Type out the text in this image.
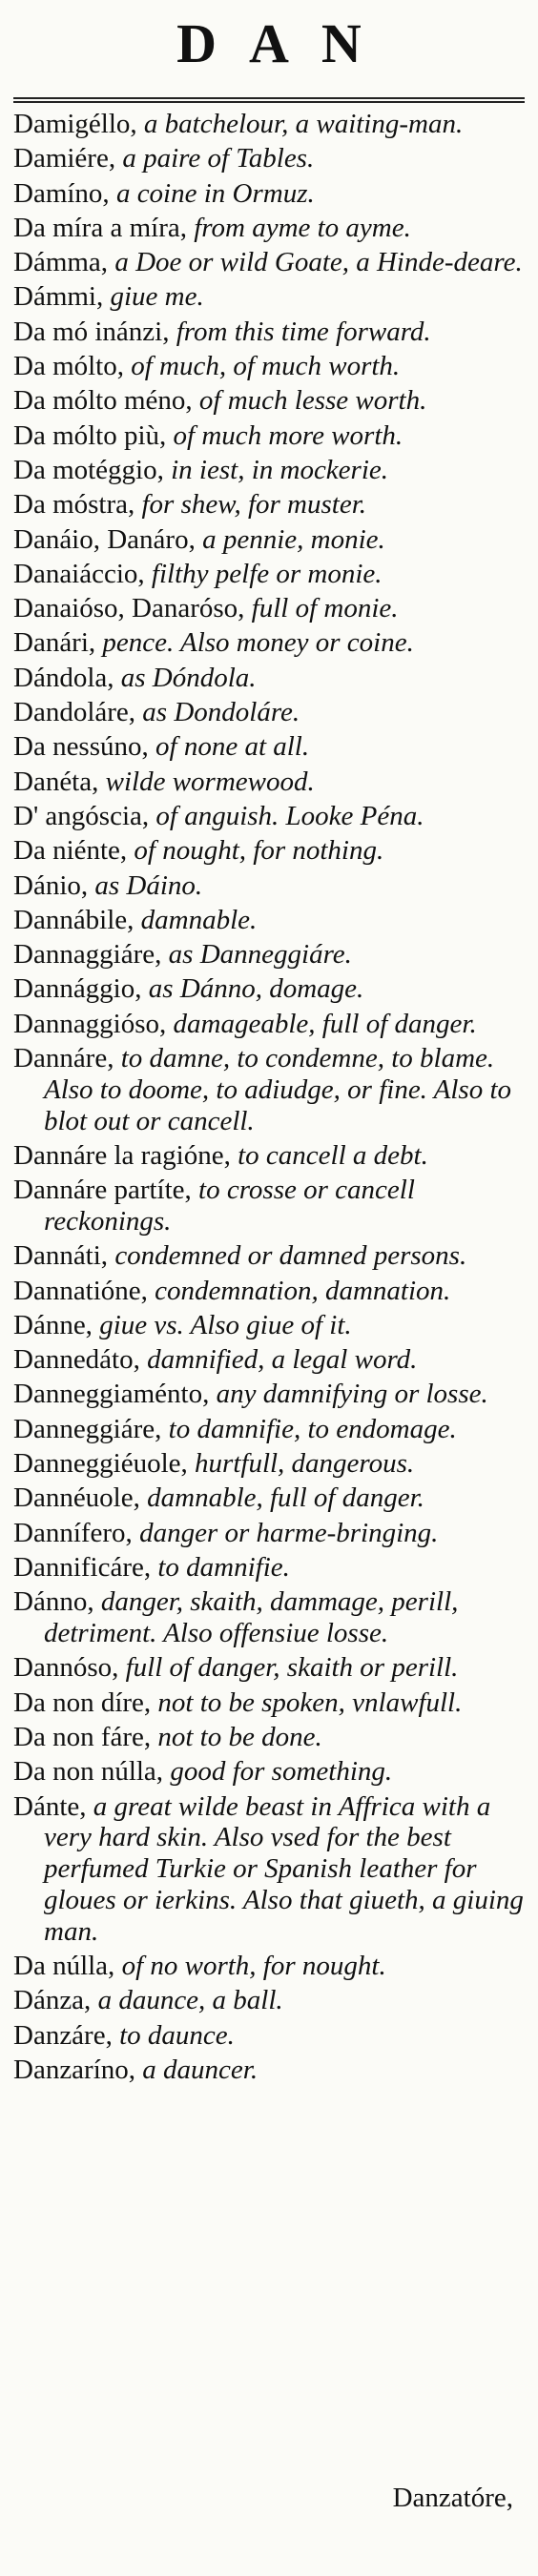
DAN
Damigéllo, a batchelour, a waiting-man.
Damiére, a paire of Tables.
Damíno, a coine in Ormuz.
Da míra a míra, from ayme to ayme.
Dámma, a Doe or wild Goate, a Hinde-deare.
Dámmi, giue me.
Da mó inánzi, from this time forward.
Da mólto, of much, of much worth.
Da mólto méno, of much lesse worth.
Da mólto più, of much more worth.
Da motéggio, in iest, in mockerie.
Da móstra, for shew, for muster.
Danáio, Danáro, a pennie, monie.
Danaiáccio, filthy pelfe or monie.
Danaióso, Danaróso, full of monie.
Danári, pence. Also money or coine.
Dándola, as Dóndola.
Dandoláre, as Dondoláre.
Da nessúno, of none at all.
Danéta, wilde wormewood.
D' angóscia, of anguish. Looke Péna.
Da niénte, of nought, for nothing.
Dánio, as Dáino.
Dannábile, damnable.
Dannaggiáre, as Danneggiáre.
Dannággio, as Dánno, domage.
Dannaggióso, damageable, full of danger.
Dannáre, to damne, to condemne, to blame. Also to doome, to adiudge, or fine. Also to blot out or cancell.
Dannáre la ragióne, to cancell a debt.
Dannáre partíte, to crosse or cancell reckonings.
Dannáti, condemned or damned persons.
Dannatióne, condemnation, damnation.
Dánne, giue vs. Also giue of it.
Dannedáto, damnified, a legal word.
Danneggiaménto, any damnifying or losse.
Danneggiáre, to damnifie, to endomage.
Danneggiéuole, hurtfull, dangerous.
Dannéuole, damnable, full of danger.
Dannífero, danger or harme-bringing.
Dannificáre, to damnifie.
Dánno, danger, skaith, dammage, perill, detriment. Also offensiue losse.
Dannóso, full of danger, skaith or perill.
Da non díre, not to be spoken, vnlawfull.
Da non fáre, not to be done.
Da non núlla, good for something.
Dánte, a great wilde beast in Affrica with a very hard skin. Also vsed for the best perfumed Turkie or Spanish leather for gloues or ierkins. Also that giueth, a giuing man.
Da núlla, of no worth, for nought.
Dánza, a daunce, a ball.
Danzáre, to daunce.
Danzaríno, a dauncer.
Danzatóre,
